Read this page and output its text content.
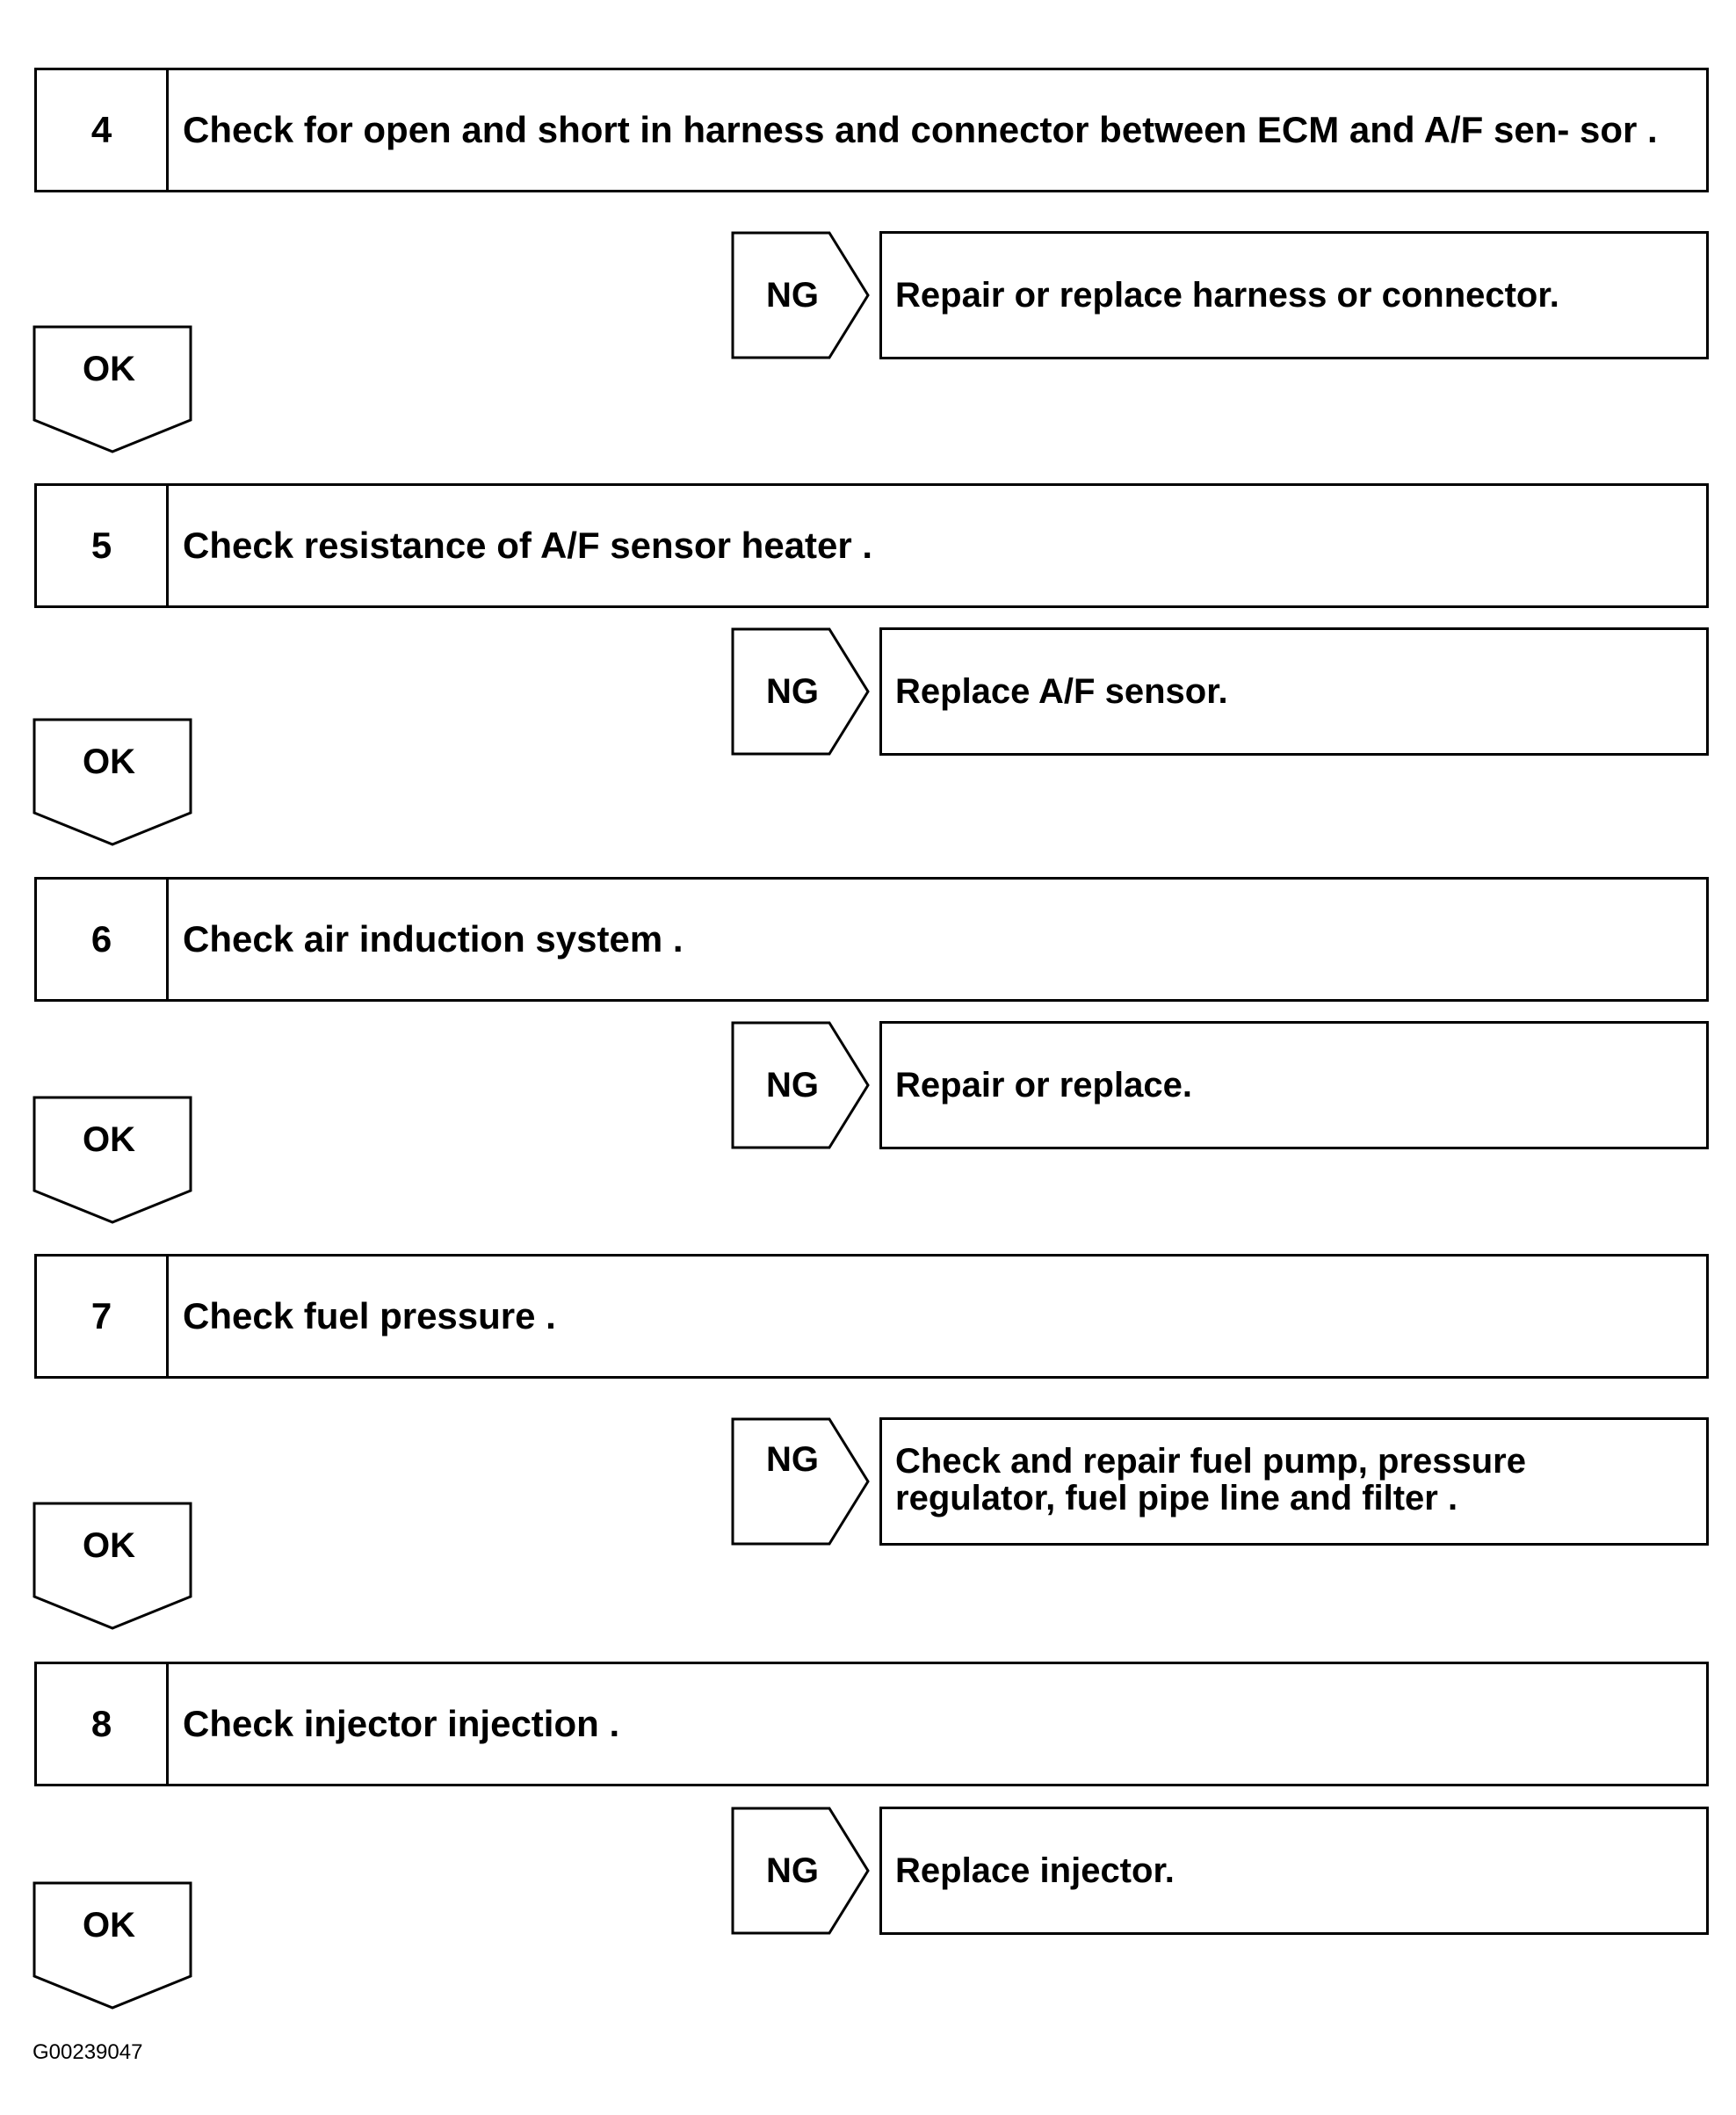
4	Check for open and short in harness and connector between ECM and A/F sen- sor .
NG	Repair or replace harness or connector.
OK
5	Check resistance of A/F sensor heater .
NG	Replace A/F sensor.
OK
6	Check air induction system .
NG	Repair or replace.
OK
7	Check fuel pressure .
NG	Check and repair fuel pump, pressure regulator, fuel pipe line and filter .
OK
8	Check injector injection .
NG	Replace injector.
OK
G00239047
